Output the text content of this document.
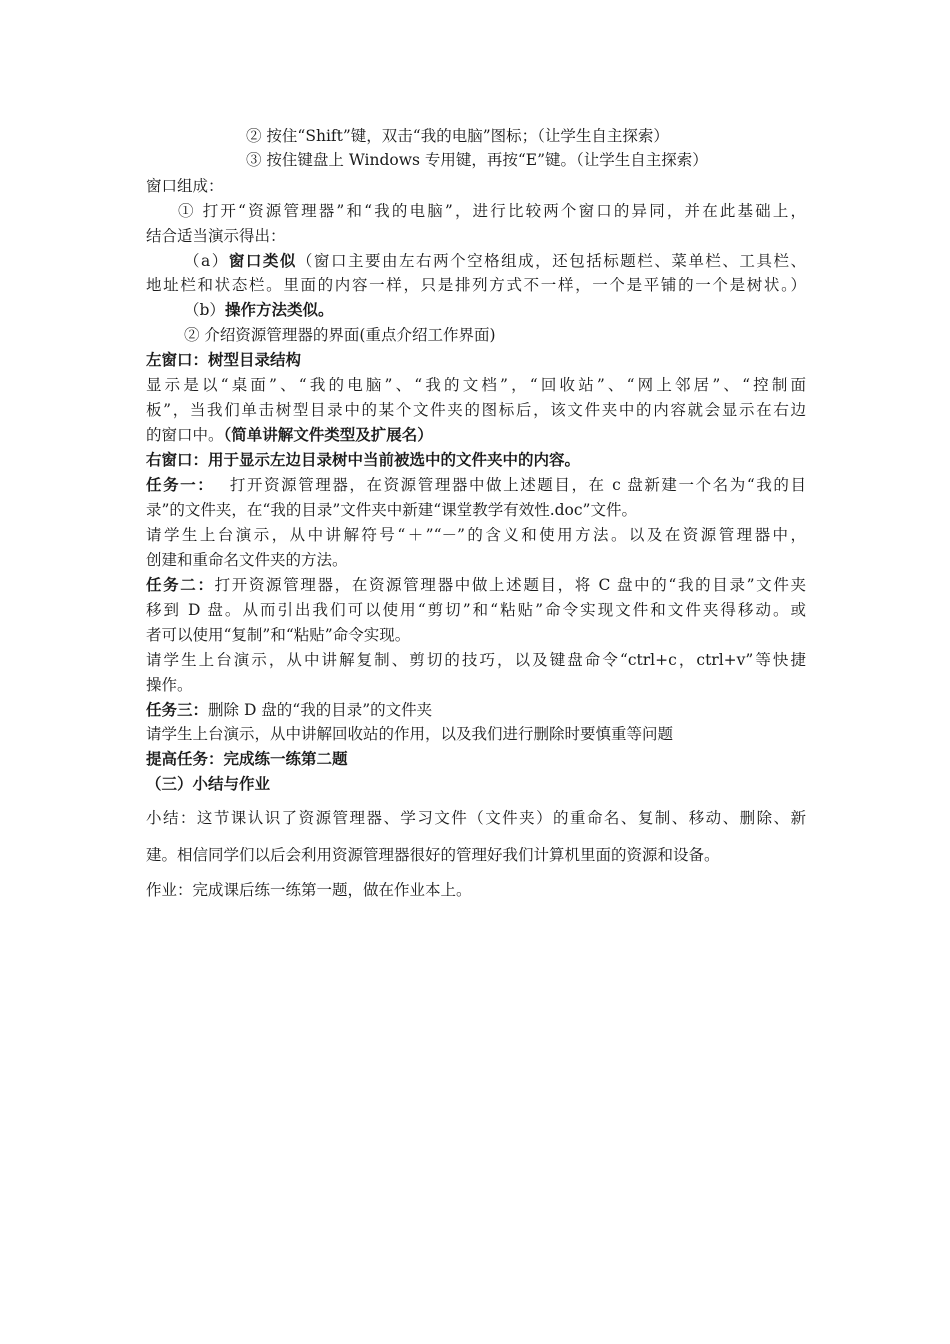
② 按住“Shift”键，双击“我的电脑”图标；（让学生自主探索）
③ 按住键盘上 Windows 专用键，再按“E”键。（让学生自主探索）
窗口组成：
① 打开“资源管理器”和“我的电脑”，进行比较两个窗口的异同，并在此基础上，
结合适当演示得出：
（a）窗口类似（窗口主要由左右两个空格组成，还包括标题栏、菜单栏、工具栏、
地址栏和状态栏。里面的内容一样，只是排列方式不一样，一个是平铺的一个是树状。）
（b）操作方法类似。
② 介绍资源管理器的界面(重点介绍工作界面)
左窗口：树型目录结构
显示是以“桌面”、“我的电脑”、“我的文档”，“回收站”、“网上邻居”、“控制面
板”，当我们单击树型目录中的某个文件夹的图标后，该文件夹中的内容就会显示在右边
的窗口中。（简单讲解文件类型及扩展名）
右窗口：用于显示左边目录树中当前被选中的文件夹中的内容。
任务一： 打开资源管理器，在资源管理器中做上述题目，在 c 盘新建一个名为“我的目
录”的文件夹，在“我的目录”文件夹中新建“课堂教学有效性.doc”文件。
请学生上台演示，从中讲解符号“＋”“－”的含义和使用方法。以及在资源管理器中，
创建和重命名文件夹的方法。
任务二：打开资源管理器，在资源管理器中做上述题目，将 C 盘中的“我的目录”文件夹
移到 D 盘。从而引出我们可以使用“剪切”和“粘贴”命令实现文件和文件夹得移动。或
者可以使用“复制”和“粘贴”命令实现。
请学生上台演示，从中讲解复制、剪切的技巧，以及键盘命令“ctrl+c，ctrl+v”等快捷
操作。
任务三：删除 D 盘的“我的目录”的文件夹
请学生上台演示，从中讲解回收站的作用，以及我们进行删除时要慎重等问题
提高任务：完成练一练第二题
（三）小结与作业
小结：这节课认识了资源管理器、学习文件（文件夹）的重命名、复制、移动、删除、新
建。相信同学们以后会利用资源管理器很好的管理好我们计算机里面的资源和设备。
作业：完成课后练一练第一题，做在作业本上。
